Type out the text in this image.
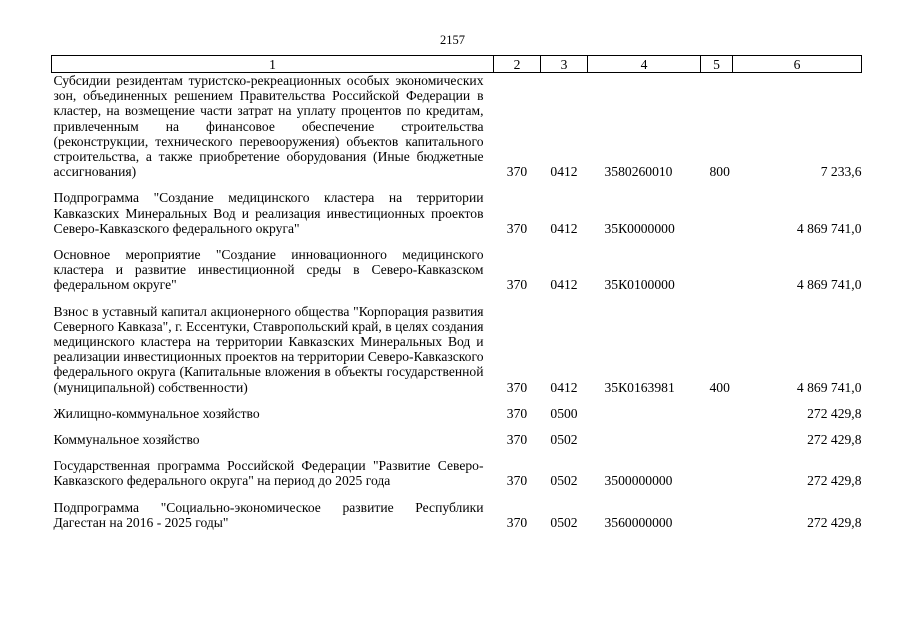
2157
1	2	3	4	5	6
Субсидии резидентам туристско-рекреационных особых экономических зон, объединенных решением Правительства Российской Федерации в кластер, на возмещение части затрат на уплату процентов по кредитам, привлеченным на финансовое обеспечение строительства (реконструкции, технического перевооружения) объектов капитального строительства, а также приобретение оборудования (Иные бюджетные ассигнования)	370	0412	3580260010	800	7 233,6

Подпрограмма "Создание медицинского кластера на территории Кавказских Минеральных Вод и реализация инвестиционных проектов Северо-Кавказского федерального округа"	370	0412	35К0000000		4 869 741,0

Основное мероприятие "Создание инновационного медицинского кластера и развитие инвестиционной среды в Северо-Кавказском федеральном округе"	370	0412	35К0100000		4 869 741,0

Взнос в уставный капитал акционерного общества "Корпорация развития Северного Кавказа", г. Ессентуки, Ставропольский край, в целях создания медицинского кластера на территории Кавказских Минеральных Вод и реализации инвестиционных проектов на территории Северо-Кавказского федерального округа (Капитальные вложения в объекты государственной (муниципальной) собственности)	370	0412	35К0163981	400	4 869 741,0

Жилищно-коммунальное хозяйство	370	0500			272 429,8

Коммунальное хозяйство	370	0502			272 429,8

Государственная программа Российской Федерации "Развитие Северо-Кавказского федерального округа" на период до 2025 года	370	0502	3500000000		272 429,8

Подпрограмма "Социально-экономическое развитие Республики Дагестан на 2016 - 2025 годы"	370	0502	3560000000		272 429,8
